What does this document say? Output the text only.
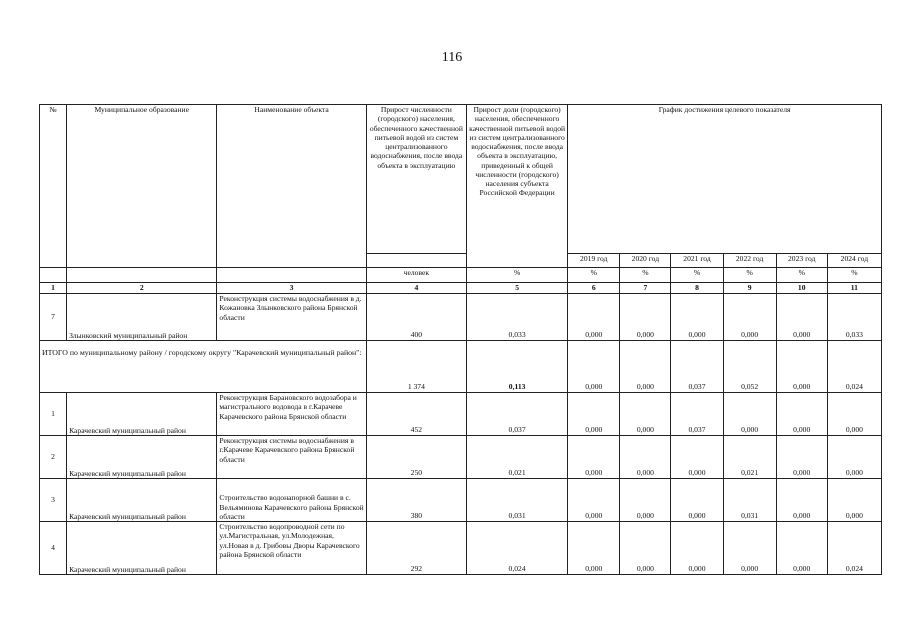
116
№	Муниципальное образование	Наименование объекта	Прирост численности (городского) населения, обеспеченного качественной питьевой водой из систем централизованного водоснабжения, после ввода объекта в эксплуатацию	Прирост доли (городского) населения, обеспеченного качественной питьевой водой из систем централизованного водоснабжения, после ввода объекта в эксплуатацию, приведенный к общей численности (городского) населения субъекта Российской Федерации	График достижения целевого показателя					
					2019 год	2020 год	2021 год	2022 год	2023 год	2024 год
			человек	%	%	%	%	%	%	%
1	2	3	4	5	6	7	8	9	10	11
7	Злынковский муниципальный район	Реконструкция системы водоснабжения в д. Кожановка Злынковского района Брянской области	400	0,033	0,000	0,000	0,000	0,000	0,000	0,033
ИТОГО по муниципальному району / городскому округу "Карачевский муниципальный район":			1 374	0,113	0,000	0,000	0,037	0,052	0,000	0,024
1	Карачевский муниципальный район	Реконструкция Барановского водозабора и магистрального водовода в г.Карачеве Карачевского района Брянской области	452	0,037	0,000	0,000	0,037	0,000	0,000	0,000
2	Карачевский муниципальный район	Реконструкция системы водоснабжения в г.Карачеве Карачевского района Брянской области	250	0,021	0,000	0,000	0,000	0,021	0,000	0,000
3	Карачевский муниципальный район	Строительство водонапорной башни в с. Вельяминова Карачевского района Брянской области	380	0,031	0,000	0,000	0,000	0,031	0,000	0,000
4	Карачевский муниципальный район	Строительство водопроводной сети по ул.Магистральная, ул.Молодежная, ул.Новая в д. Грибовы Дворы Карачевского района Брянской области	292	0,024	0,000	0,000	0,000	0,000	0,000	0,024
